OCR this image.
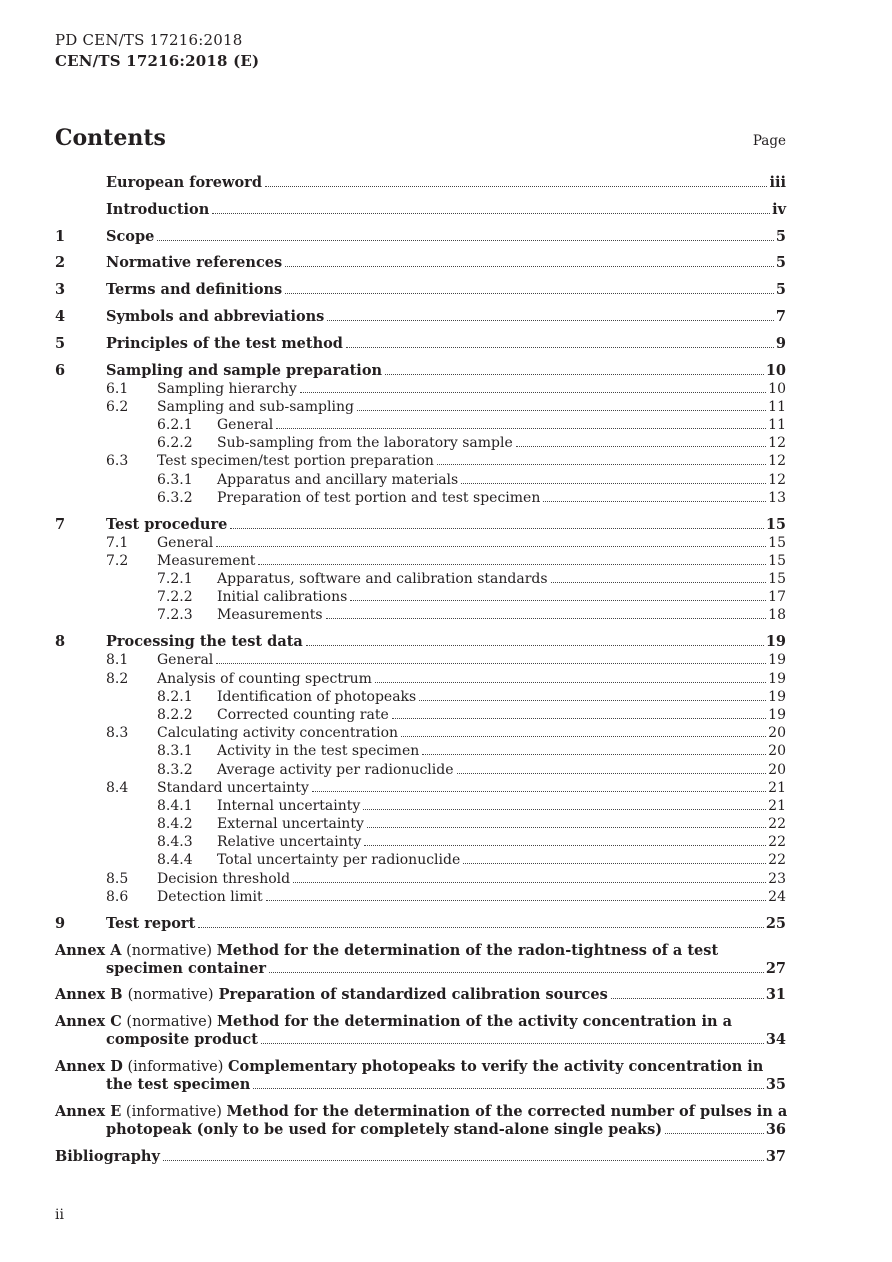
PD CEN/TS 17216:2018
CEN/TS 17216:2018 (E)
Contents	Page
European foreword	iii
Introduction	iv
1	Scope	5
2	Normative references	5
3	Terms and definitions	5
4	Symbols and abbreviations	7
5	Principles of the test method	9
6	Sampling and sample preparation	10
6.1	Sampling hierarchy	10
6.2	Sampling and sub-sampling	11
6.2.1	General	11
6.2.2	Sub-sampling from the laboratory sample	12
6.3	Test specimen/test portion preparation	12
6.3.1	Apparatus and ancillary materials	12
6.3.2	Preparation of test portion and test specimen	13
7	Test procedure	15
7.1	General	15
7.2	Measurement	15
7.2.1	Apparatus, software and calibration standards	15
7.2.2	Initial calibrations	17
7.2.3	Measurements	18
8	Processing the test data	19
8.1	General	19
8.2	Analysis of counting spectrum	19
8.2.1	Identification of photopeaks	19
8.2.2	Corrected counting rate	19
8.3	Calculating activity concentration	20
8.3.1	Activity in the test specimen	20
8.3.2	Average activity per radionuclide	20
8.4	Standard uncertainty	21
8.4.1	Internal uncertainty	21
8.4.2	External uncertainty	22
8.4.3	Relative uncertainty	22
8.4.4	Total uncertainty per radionuclide	22
8.5	Decision threshold	23
8.6	Detection limit	24
9	Test report	25
Annex A (normative) Method for the determination of the radon-tightness of a test
specimen container	27
Annex B (normative) Preparation of standardized calibration sources	31
Annex C (normative) Method for the determination of the activity concentration in a
composite product	34
Annex D (informative) Complementary photopeaks to verify the activity concentration in
the test specimen	35
Annex E (informative) Method for the determination of the corrected number of pulses in a
photopeak (only to be used for completely stand-alone single peaks)	36
Bibliography	37
ii
